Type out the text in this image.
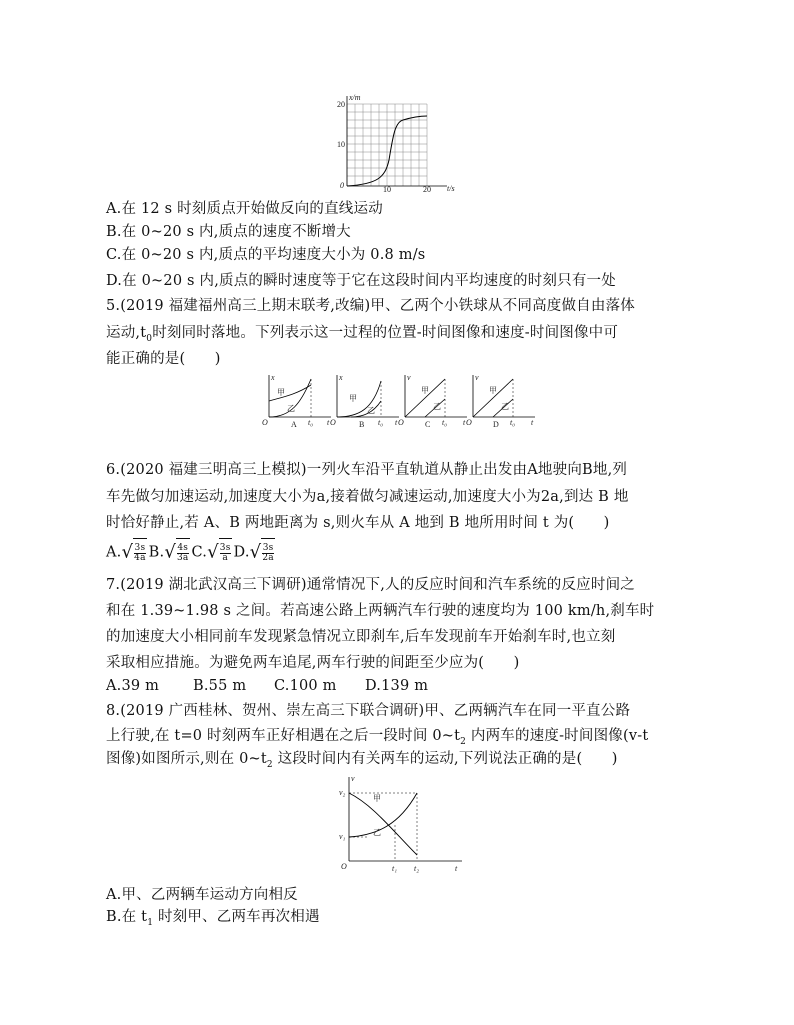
x/m
t/s
20
10
0	10	20
A.在 12 s 时刻质点开始做反向的直线运动
B.在 0~20 s 内,质点的速度不断增大
C.在 0~20 s 内,质点的平均速度大小为 0.8 m/s
D.在 0~20 s 内,质点的瞬时速度等于它在这段时间内平均速度的时刻只有一处
5.(2019 福建福州高三上期末联考,改编)甲、乙两个小铁球从不同高度做自由落体
运动$,t_0$时刻同时落地。下列表示这一过程的位置-时间图像和速度-时间图像中可
能正确的是(　　)
x
甲
乙
O	t₀ t
A
x
甲
乙
O	t₀ t
B
v
甲
乙
O	t₀ t
C
v
甲
乙
O	t₀ t
D
6.(2020 福建三明高三上模拟)一列火车沿平直轨道从静止出发由A地驶向B地,列
车先做匀加速运动,加速度大小为a,接着做匀减速运动,加速度大小为2a,到达 B 地
时恰好静止,若 A、B 两地距离为 s,则火车从 A 地到 B 地所用时间 t 为(　　)
$A.√ \frac{3s}{4a} B.√ \frac{4s}{3a} C.√ \frac{3s}{a} D.√ \frac{3s}{2a}$
7.(2019 湖北武汉高三下调研)通常情况下,人的反应时间和汽车系统的反应时间之
和在 1.39~1.98 s 之间。若高速公路上两辆汽车行驶的速度均为 100 km/h,刹车时
的加速度大小相同前车发现紧急情况立即刹车,后车发现前车开始刹车时,也立刻
采取相应措施。为避免两车追尾,两车行驶的间距至少应为(　　)
A.39 m B.55 m C.100 m D.139 m
8.(2019 广西桂林、贺州、崇左高三下联合调研)甲、乙两辆汽车在同一平直公路
上行驶,在 t=0 时刻两车正好相遇在之后一段时间 $0\sim t_2$ 内两车的速度-时间图像(v-t
图像)如图所示,则在 $0\sim t_2$ 这段时间内有关两车的运动,下列说法正确的是(　　)
v
v₂
v₁
O
甲
乙
t₁ t₂	t
A.甲、乙两辆车运动方向相反
B.在 $t_1$ 时刻甲、乙两车再次相遇
